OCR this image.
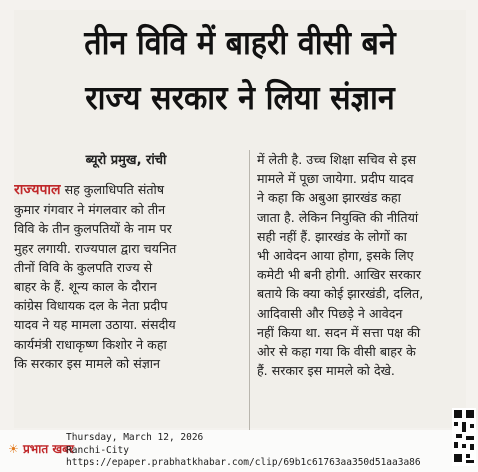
तीन विवि में बाहरी वीसी बने
राज्य सरकार ने लिया संज्ञान
ब्यूरो प्रमुख, रांची
राज्यपाल सह कुलाधिपति संतोष
कुमार गंगवार ने मंगलवार को तीन
विवि के तीन कुलपतियों के नाम पर
मुहर लगायी. राज्यपाल द्वारा चयनित
तीनों विवि के कुलपति राज्य से
बाहर के हैं. शून्य काल के दौरान
कांग्रेस विधायक दल के नेता प्रदीप
यादव ने यह मामला उठाया. संसदीय
कार्यमंत्री राधाकृष्ण किशोर ने कहा
कि सरकार इस मामले को संज्ञान
में लेती है. उच्च शिक्षा सचिव से इस
मामले में पूछा जायेगा. प्रदीप यादव
ने कहा कि अबुआ झारखंड कहा
जाता है. लेकिन नियुक्ति की नीतियां
सही नहीं हैं. झारखंड के लोगों का
भी आवेदन आया होगा, इसके लिए
कमेटी भी बनी होगी. आखिर सरकार
बताये कि क्या कोई झारखंडी, दलित,
आदिवासी और पिछड़े ने आवेदन
नहीं किया था. सदन में सत्ता पक्ष की
ओर से कहा गया कि वीसी बाहर के
हैं. सरकार इस मामले को देखे.
☀ प्रभात खबर
Thursday, March 12, 2026
Ranchi-City
https://epaper.prabhatkhabar.com/clip/69b1c61763aa350d51aa3a86
